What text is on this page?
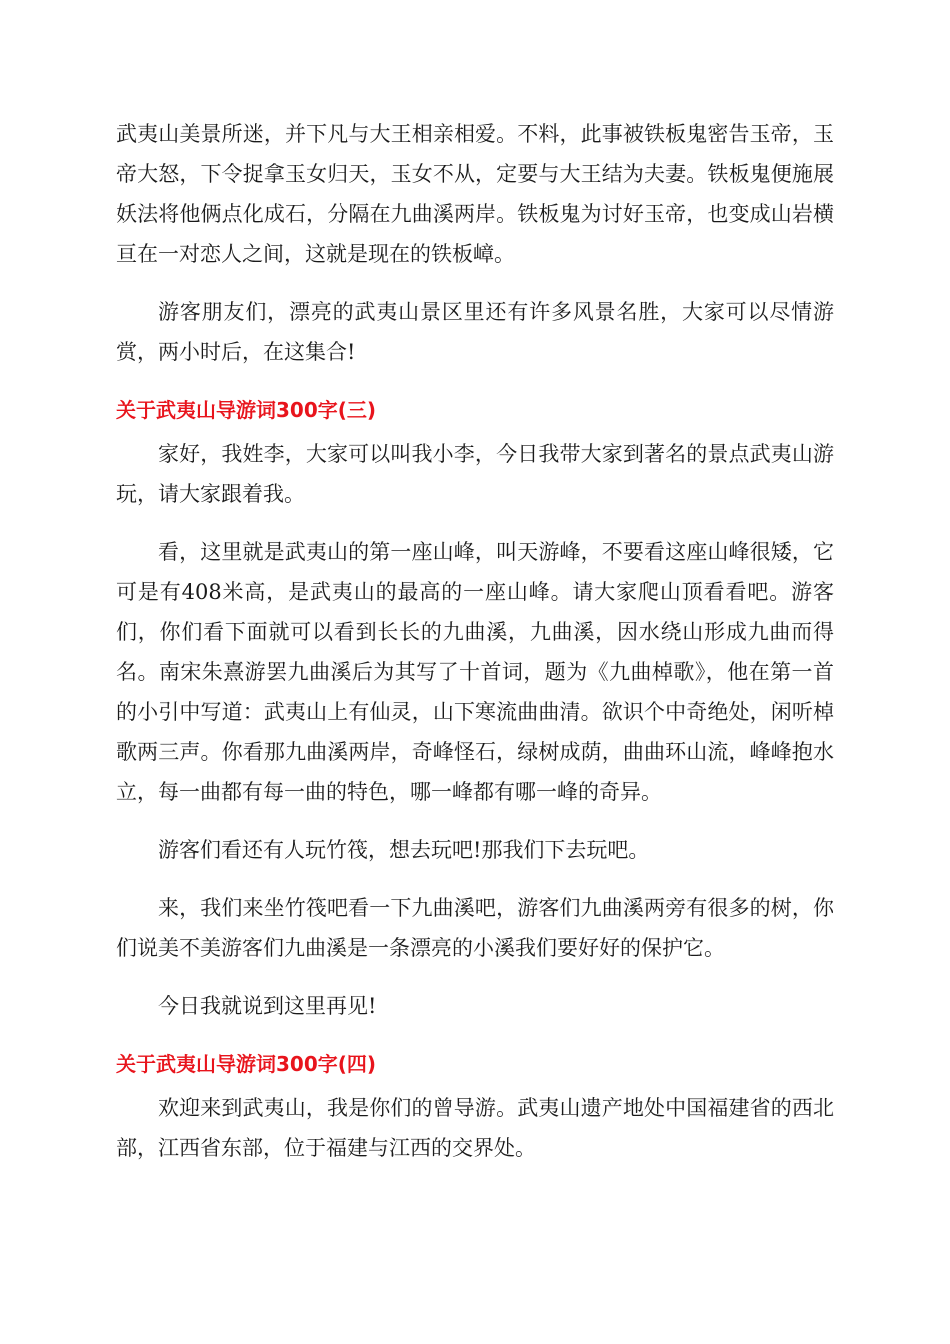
武夷山美景所迷，并下凡与大王相亲相爱。不料，此事被铁板鬼密告玉帝，玉帝大怒，下令捉拿玉女归天，玉女不从，定要与大王结为夫妻。铁板鬼便施展妖法将他俩点化成石，分隔在九曲溪两岸。铁板鬼为讨好玉帝，也变成山岩横亘在一对恋人之间，这就是现在的铁板嶂。

游客朋友们，漂亮的武夷山景区里还有许多风景名胜，大家可以尽情游赏，两小时后，在这集合!

关于武夷山导游词300字(三)

家好，我姓李，大家可以叫我小李，今日我带大家到著名的景点武夷山游玩，请大家跟着我。

看，这里就是武夷山的第一座山峰，叫天游峰，不要看这座山峰很矮，它可是有408米高，是武夷山的最高的一座山峰。请大家爬山顶看看吧。游客们，你们看下面就可以看到长长的九曲溪，九曲溪，因水绕山形成九曲而得名。南宋朱熹游罢九曲溪后为其写了十首词，题为《九曲棹歌》，他在第一首的小引中写道：武夷山上有仙灵，山下寒流曲曲清。欲识个中奇绝处，闲听棹歌两三声。你看那九曲溪两岸，奇峰怪石，绿树成荫，曲曲环山流，峰峰抱水立，每一曲都有每一曲的特色，哪一峰都有哪一峰的奇异。

游客们看还有人玩竹筏，想去玩吧!那我们下去玩吧。

来，我们来坐竹筏吧看一下九曲溪吧，游客们九曲溪两旁有很多的树，你们说美不美游客们九曲溪是一条漂亮的小溪我们要好好的保护它。

今日我就说到这里再见!

关于武夷山导游词300字(四)

欢迎来到武夷山，我是你们的曾导游。武夷山遗产地处中国福建省的西北部，江西省东部，位于福建与江西的交界处。
